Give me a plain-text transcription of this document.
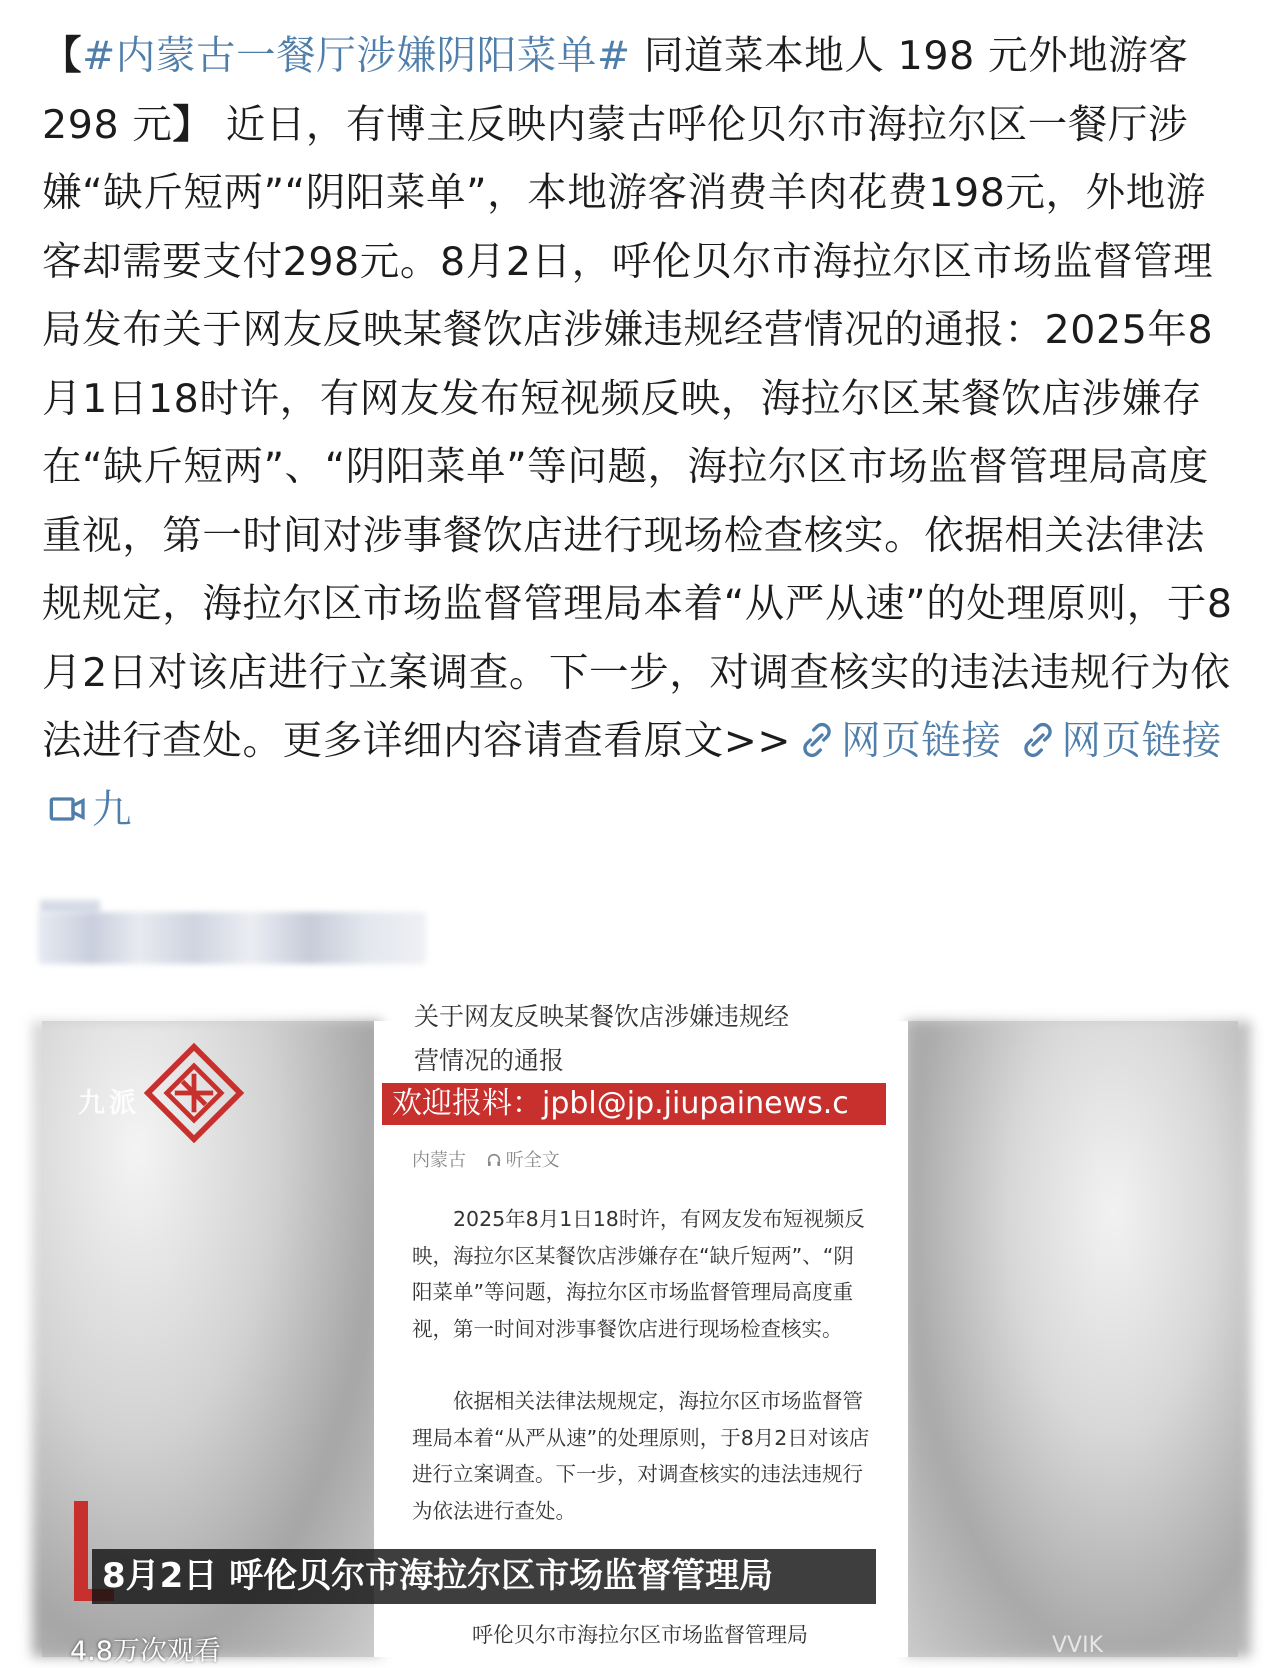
【#内蒙古一餐厅涉嫌阴阳菜单# 同道菜本地人 198 元外地游客 298 元】 近日，有博主反映内蒙古呼伦贝尔市海拉尔区一餐厅涉嫌“缺斤短两”“阴阳菜单”，本地游客消费羊肉花费198元，外地游客却需要支付298元。8月2日，呼伦贝尔市海拉尔区市场监督管理局发布关于网友反映某餐饮店涉嫌违规经营情况的通报：2025年8月1日18时许，有网友发布短视频反映，海拉尔区某餐饮店涉嫌存在“缺斤短两”、“阴阳菜单”等问题，海拉尔区市场监督管理局高度重视，第一时间对涉事餐饮店进行现场检查核实。依据相关法律法规规定，海拉尔区市场监督管理局本着“从严从速”的处理原则，于8月2日对该店进行立案调查。下一步，对调查核实的违法违规行为依法进行查处。更多详细内容请查看原文>> 网页链接 网页链接九
九派
关于网友反映某餐饮店涉嫌违规经
营情况的通报
欢迎报料：jpbl@jp.jiupainews.c
内蒙古 听全文

2025年8月1日18时许，有网友发布短视频反映，海拉尔区某餐饮店涉嫌存在“缺斤短两”、“阴阳菜单”等问题，海拉尔区市场监督管理局高度重视，第一时间对涉事餐饮店进行现场检查核实。

依据相关法律法规规定，海拉尔区市场监督管理局本着“从严从速”的处理原则，于8月2日对该店进行立案调查。下一步，对调查核实的违法违规行为依法进行查处。

8月2日 呼伦贝尔市海拉尔区市场监督管理局
呼伦贝尔市海拉尔区市场监督管理局
4.8万次观看	VVIK
